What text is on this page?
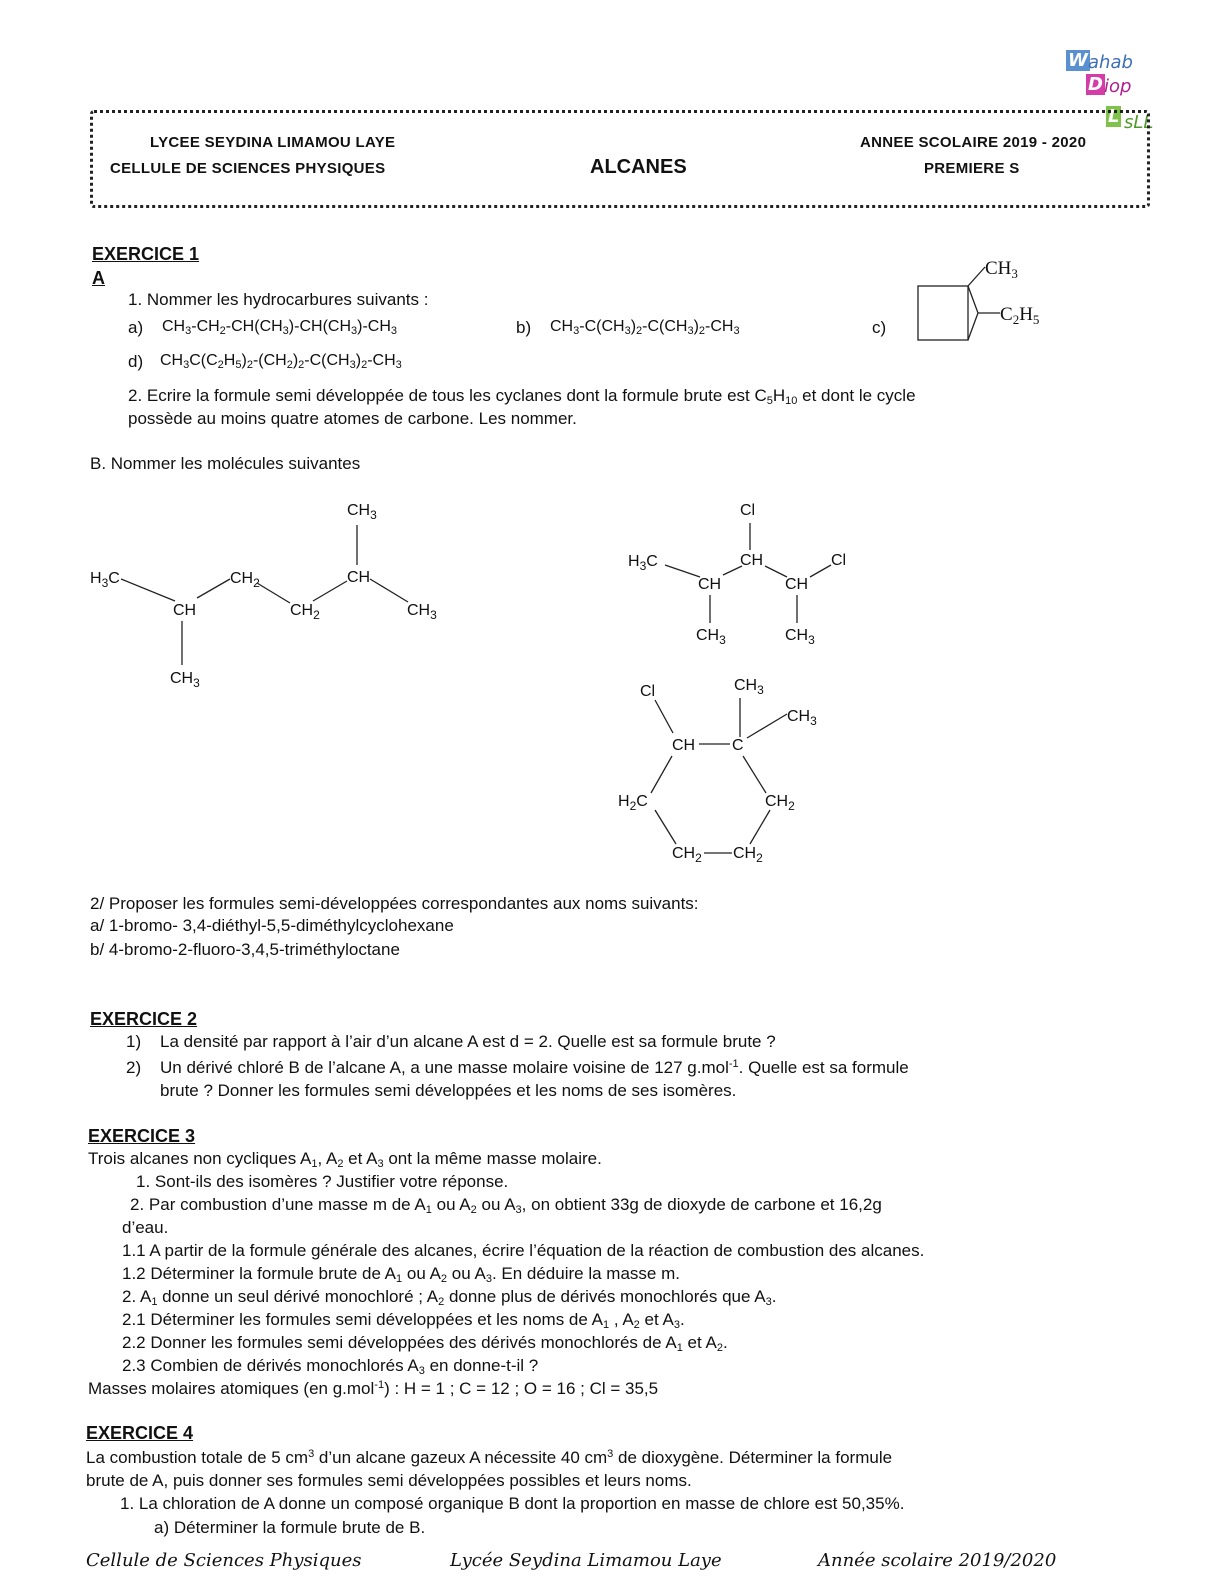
W ahab
D iop
L sLL
LYCEE SEYDINA LIMAMOU LAYE
CELLULE DE SCIENCES PHYSIQUES	ALCANES
ANNEE SCOLAIRE 2019 - 2020
PREMIERE S
EXERCICE 1
A
1. Nommer les hydrocarbures suivants :
a) $CH_3-CH_2-CH(CH_3)-CH(CH_3)-CH_3$	b) $CH_3-C(CH_3)_2-C(CH_3)_2-CH_3$	c)
$CH_3$
$C_2H_5$
d) $CH_3C(C_2H_5)_2-(CH_2)_2-C(CH_3)_2-CH_3$
2. Ecrire la formule semi développée de tous les cyclanes dont la formule brute est $C_5H_{10}$ et dont le cycle
possède au moins quatre atomes de carbone. Les nommer.
B. Nommer les molécules suivantes
$H_3C$
CH
$CH_2$
$CH_2$
CH
$CH_3$
$CH_3$
$CH_3$
Cl
$H_3C$	CH
CH	CH
Cl
$CH_3$	$CH_3$
Cl	$CH_3$
$CH_3$
CH C
$H_2C$	$CH_2$
$CH_2$ $CH_2$
2/ Proposer les formules semi-développées correspondantes aux noms suivants:
a/ 1-bromo- 3,4-diéthyl-5,5-diméthylcyclohexane
b/ 4-bromo-2-fluoro-3,4,5-triméthyloctane
EXERCICE 2
1) La densité par rapport à l’air d’un alcane A est d = 2. Quelle est sa formule brute ?
2) Un dérivé chloré B de l’alcane A, a une masse molaire voisine de 127 g.mol$^{-1}$. Quelle est sa formule
brute ? Donner les formules semi développées et les noms de ses isomères.
EXERCICE 3
Trois alcanes non cycliques $A_1$, $A_2$ et $A_3$ ont la même masse molaire.
1. Sont-ils des isomères ? Justifier votre réponse.
2. Par combustion d’une masse m de $A_1$ ou $A_2$ ou $A_3$, on obtient 33g de dioxyde de carbone et 16,2g
d’eau.
1.1 A partir de la formule générale des alcanes, écrire l’équation de la réaction de combustion des alcanes.
1.2 Déterminer la formule brute de $A_1$ ou $A_2$ ou $A_3$. En déduire la masse m.
2. $A_1$ donne un seul dérivé monochloré ; $A_2$ donne plus de dérivés monochlorés que $A_3$.
2.1 Déterminer les formules semi développées et les noms de $A_1$ , $A_2$ et $A_3$.
2.2 Donner les formules semi développées des dérivés monochlorés de $A_1$ et $A_2$.
2.3 Combien de dérivés monochlorés $A_3$ en donne-t-il ?
Masses molaires atomiques (en g.mol$^{-1}$) : H = 1 ; C = 12 ; O = 16 ; Cl = 35,5
EXERCICE 4
La combustion totale de 5 $cm^3$ d’un alcane gazeux A nécessite 40 $cm^3$ de dioxygène. Déterminer la formule
brute de A, puis donner ses formules semi développées possibles et leurs noms.
1. La chloration de A donne un composé organique B dont la proportion en masse de chlore est 50,35%.
a) Déterminer la formule brute de B.
Cellule de Sciences Physiques	Lycée Seydina Limamou Laye	Année scolaire 2019/2020
